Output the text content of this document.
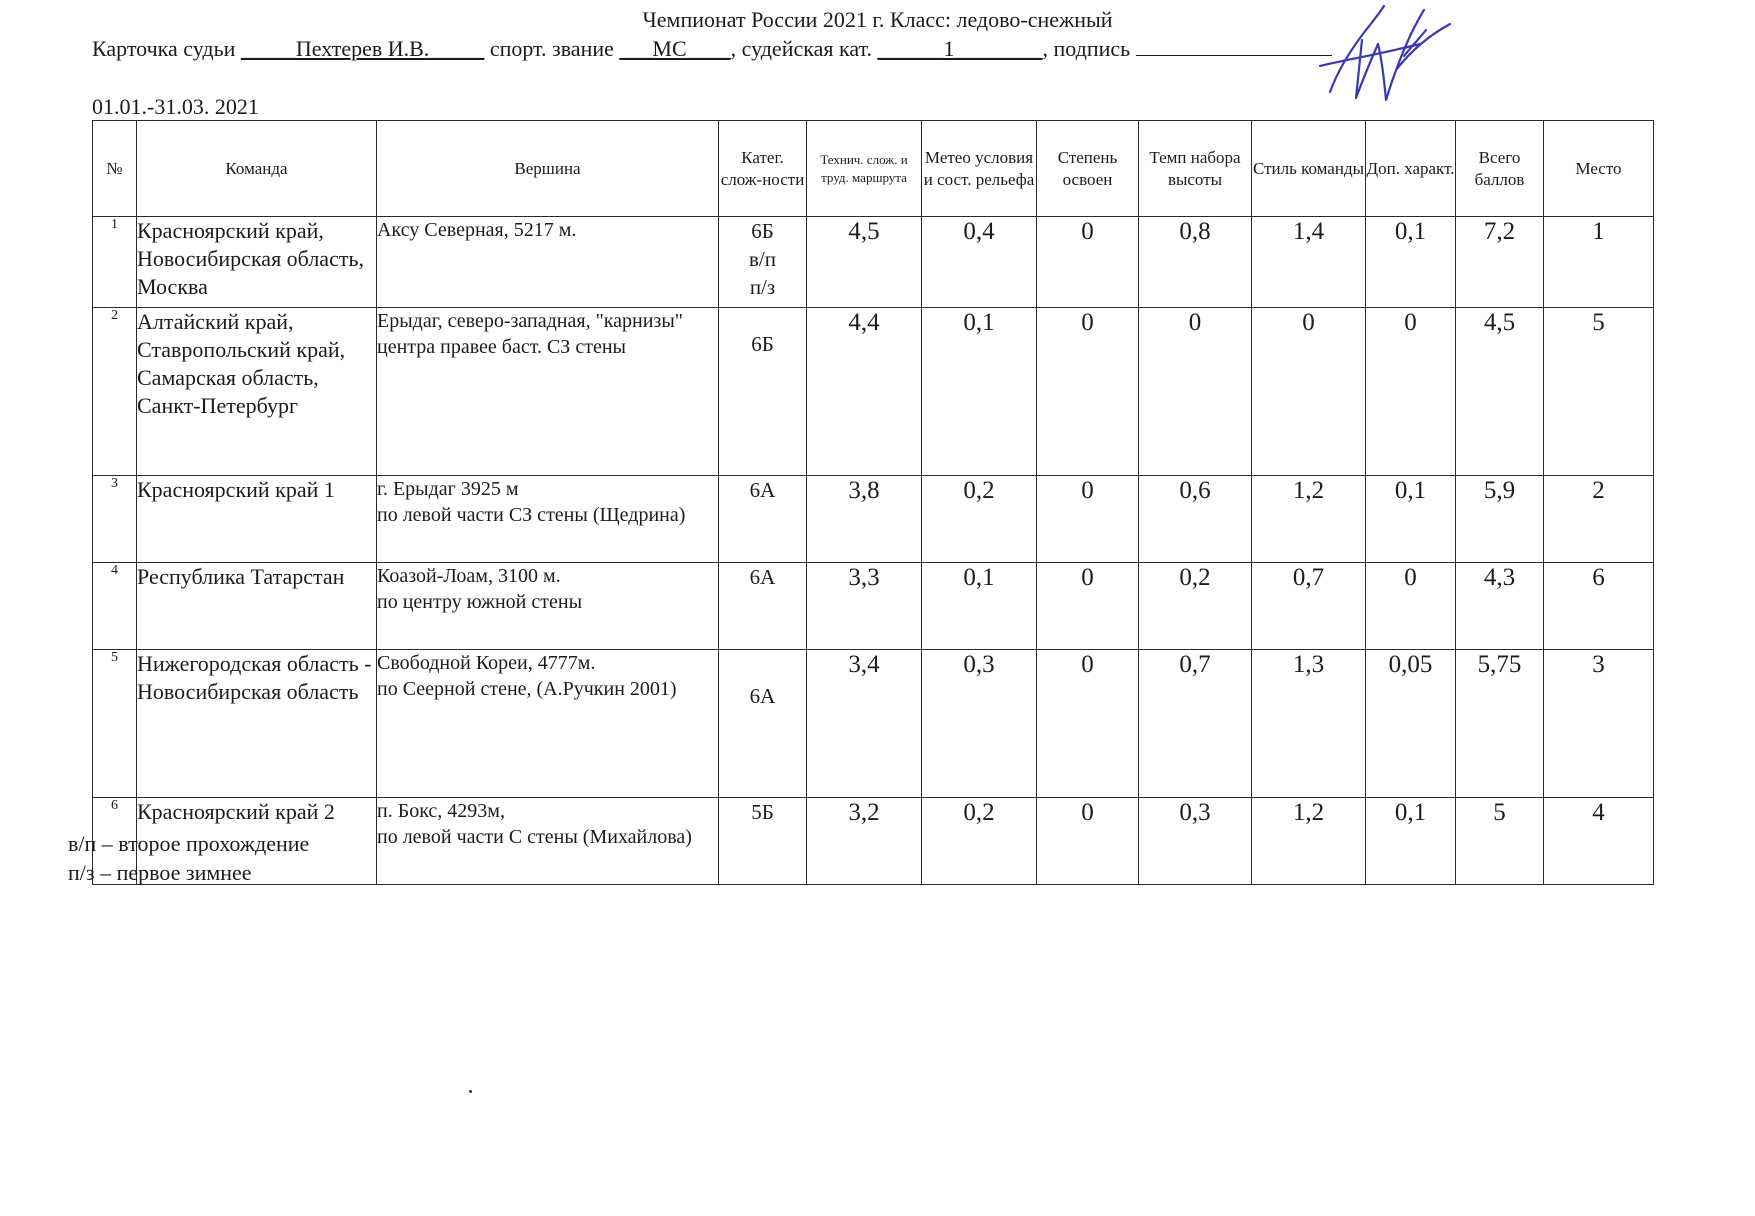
Чемпионат России 2021 г. Класс: ледово-снежный
Карточка судьи _____Пехтерев И.В._____ спорт. звание ___МС____, судейская кат. ______1________, подпись
01.01.-31.03. 2021
№	Команда	Вершина	Катег. слож-ности	Технич. слож. и труд. маршрута	Метео условия и сост. рельефа	Степень освоен	Темп набора высоты	Стиль команды	Доп. характ.	Всего баллов	Место
1	Красноярский край, Новосибирская область, Москва	Аксу Северная, 5217 м.	6Б
в/п
п/з	4,5	0,4	0	0,8	1,4	0,1	7,2	1
2	Алтайский край, Ставропольский край, Самарская область, Санкт-Петербург	Ерыдаг, северо-западная, "карнизы" центра правее баст. СЗ стены	6Б	4,4	0,1	0	0	0	0	4,5	5
3	Красноярский край 1	г. Ерыдаг 3925 м
по левой части СЗ стены (Щедрина)	6А	3,8	0,2	0	0,6	1,2	0,1	5,9	2
4	Республика Татарстан	Коазой-Лоам, 3100 м.
по центру южной стены	6А	3,3	0,1	0	0,2	0,7	0	4,3	6
5	Нижегородская область - Новосибирская область	Свободной Кореи, 4777м.
по Сеерной стене, (А.Ручкин 2001)	6А	3,4	0,3	0	0,7	1,3	0,05	5,75	3
6	Красноярский край 2	п. Бокс, 4293м,
по левой части С стены (Михайлова)	5Б	3,2	0,2	0	0,3	1,2	0,1	5	4
в/п – второе прохождение
п/з – первое зимнее
